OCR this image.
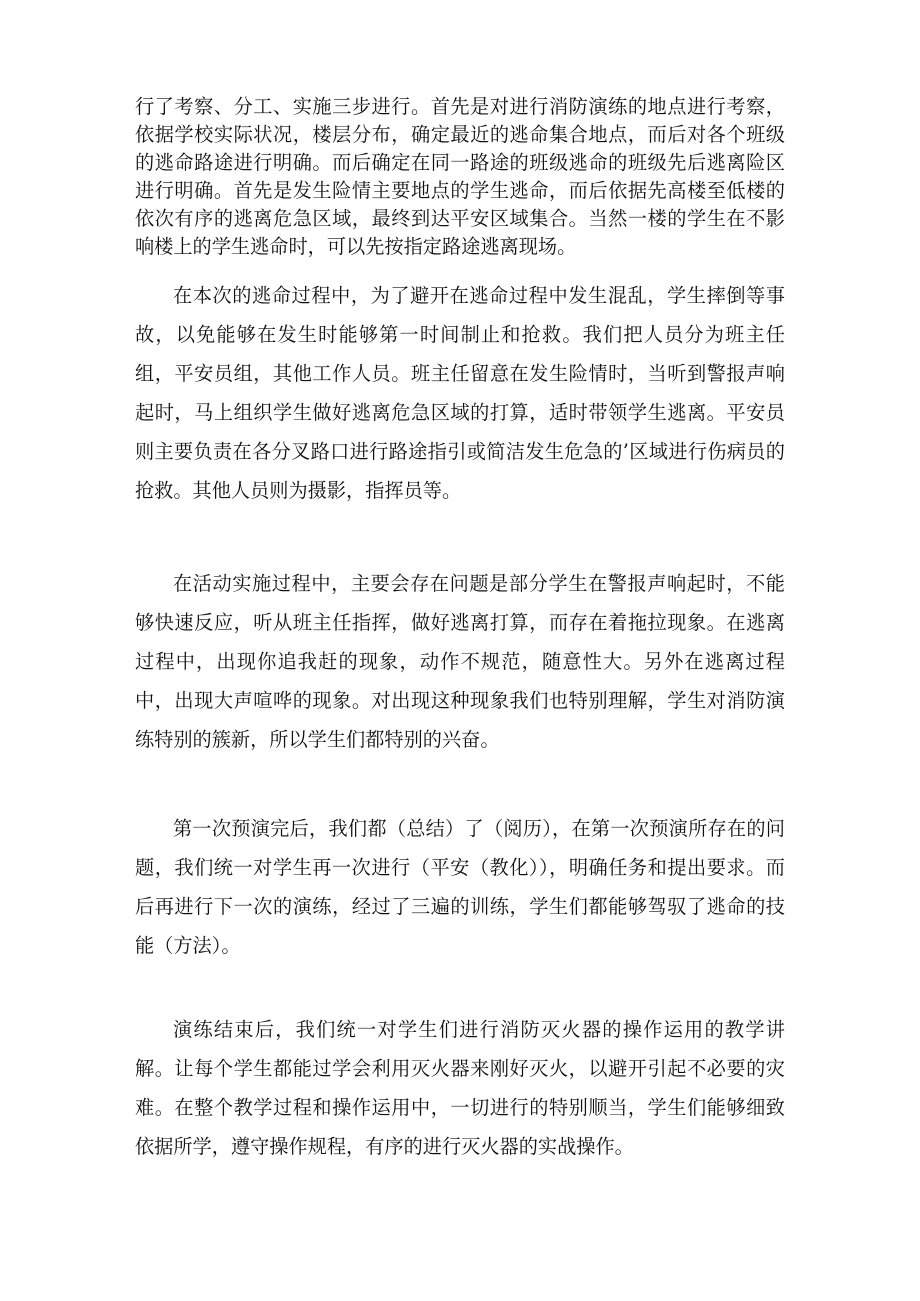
行了考察、分工、实施三步进行。首先是对进行消防演练的地点进行考察，依据学校实际状况，楼层分布，确定最近的逃命集合地点，而后对各个班级的逃命路途进行明确。而后确定在同一路途的班级逃命的班级先后逃离险区进行明确。首先是发生险情主要地点的学生逃命，而后依据先高楼至低楼的依次有序的逃离危急区域，最终到达平安区域集合。当然一楼的学生在不影响楼上的学生逃命时，可以先按指定路途逃离现场。

在本次的逃命过程中，为了避开在逃命过程中发生混乱，学生摔倒等事故，以免能够在发生时能够第一时间制止和抢救。我们把人员分为班主任组，平安员组，其他工作人员。班主任留意在发生险情时，当听到警报声响起时，马上组织学生做好逃离危急区域的打算，适时带领学生逃离。平安员则主要负责在各分叉路口进行路途指引或简洁发生危急的’区域进行伤病员的抢救。其他人员则为摄影，指挥员等。

在活动实施过程中，主要会存在问题是部分学生在警报声响起时，不能够快速反应，听从班主任指挥，做好逃离打算，而存在着拖拉现象。在逃离过程中，出现你追我赶的现象，动作不规范，随意性大。另外在逃离过程中，出现大声喧哗的现象。对出现这种现象我们也特别理解，学生对消防演练特别的簇新，所以学生们都特别的兴奋。

第一次预演完后，我们都（总结）了（阅历），在第一次预演所存在的问题，我们统一对学生再一次进行（平安（教化）），明确任务和提出要求。而后再进行下一次的演练，经过了三遍的训练，学生们都能够驾驭了逃命的技能（方法）。

演练结束后，我们统一对学生们进行消防灭火器的操作运用的教学讲解。让每个学生都能过学会利用灭火器来刚好灭火，以避开引起不必要的灾难。在整个教学过程和操作运用中，一切进行的特别顺当，学生们能够细致依据所学，遵守操作规程，有序的进行灭火器的实战操作。
